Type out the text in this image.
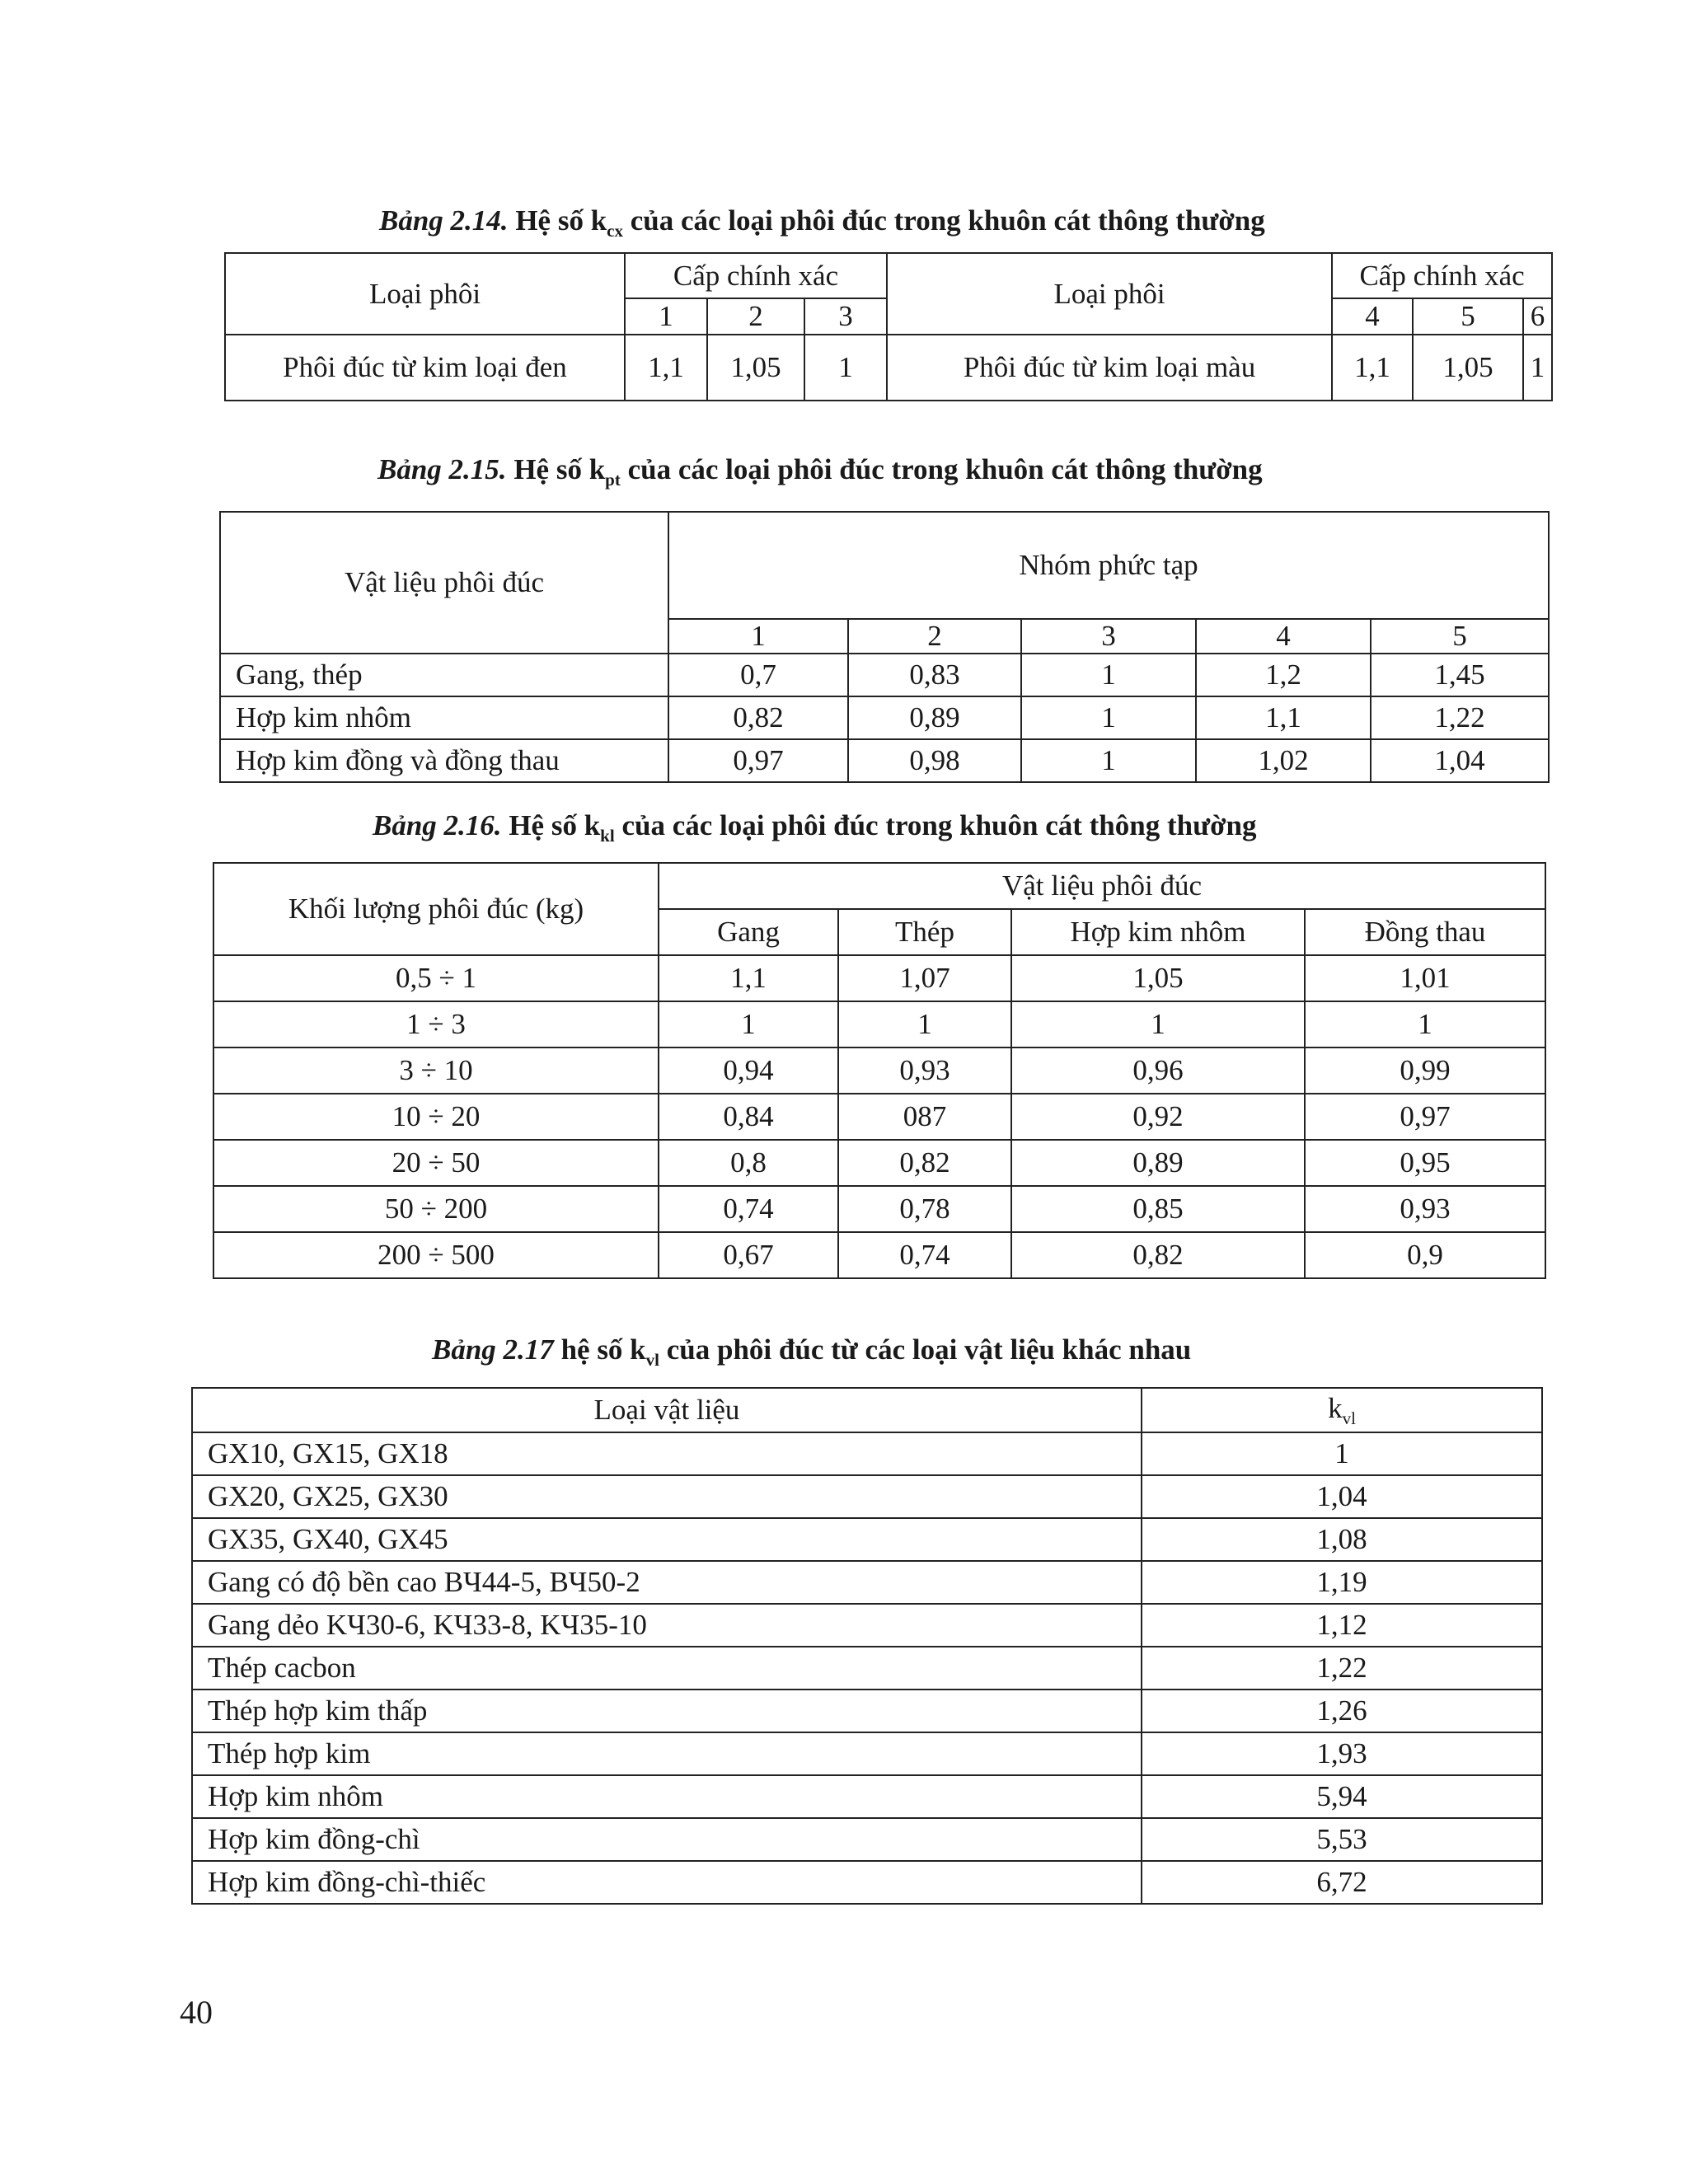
Bảng 2.14. Hệ số $k_{cx}$ của các loại phôi đúc trong khuôn cát thông thường

Loại phôi	Cấp chính xác			Loại phôi	Cấp chính xác		
	1	2	3		4	5	6
Phôi đúc từ kim loại đen	1,1	1,05	1	Phôi đúc từ kim loại màu	1,1	1,05	1

Bảng 2.15. Hệ số $k_{pt}$ của các loại phôi đúc trong khuôn cát thông thường

Vật liệu phôi đúc	Nhóm phức tạp				
	1	2	3	4	5
Gang, thép	0,7	0,83	1	1,2	1,45
Hợp kim nhôm	0,82	0,89	1	1,1	1,22
Hợp kim đồng và đồng thau	0,97	0,98	1	1,02	1,04

Bảng 2.16. Hệ số $k_{kl}$ của các loại phôi đúc trong khuôn cát thông thường

Khối lượng phôi đúc (kg)	Vật liệu phôi đúc			
	Gang	Thép	Hợp kim nhôm	Đồng thau
0,5 ÷ 1	1,1	1,07	1,05	1,01
1 ÷ 3	1	1	1	1
3 ÷ 10	0,94	0,93	0,96	0,99
10 ÷ 20	0,84	087	0,92	0,97
20 ÷ 50	0,8	0,82	0,89	0,95
50 ÷ 200	0,74	0,78	0,85	0,93
200 ÷ 500	0,67	0,74	0,82	0,9

Bảng 2.17 hệ số $k_{vl}$ của phôi đúc từ các loại vật liệu khác nhau

Loại vật liệu	$k_{vl}$
GX10, GX15, GX18	1
GX20, GX25, GX30	1,04
GX35, GX40, GX45	1,08
Gang có độ bền cao BЧ44-5, BЧ50-2	1,19
Gang dẻo KЧ30-6, KЧ33-8, KЧ35-10	1,12
Thép cacbon	1,22
Thép hợp kim thấp	1,26
Thép hợp kim	1,93
Hợp kim nhôm	5,94
Hợp kim đồng-chì	5,53
Hợp kim đồng-chì-thiếc	6,72

40
